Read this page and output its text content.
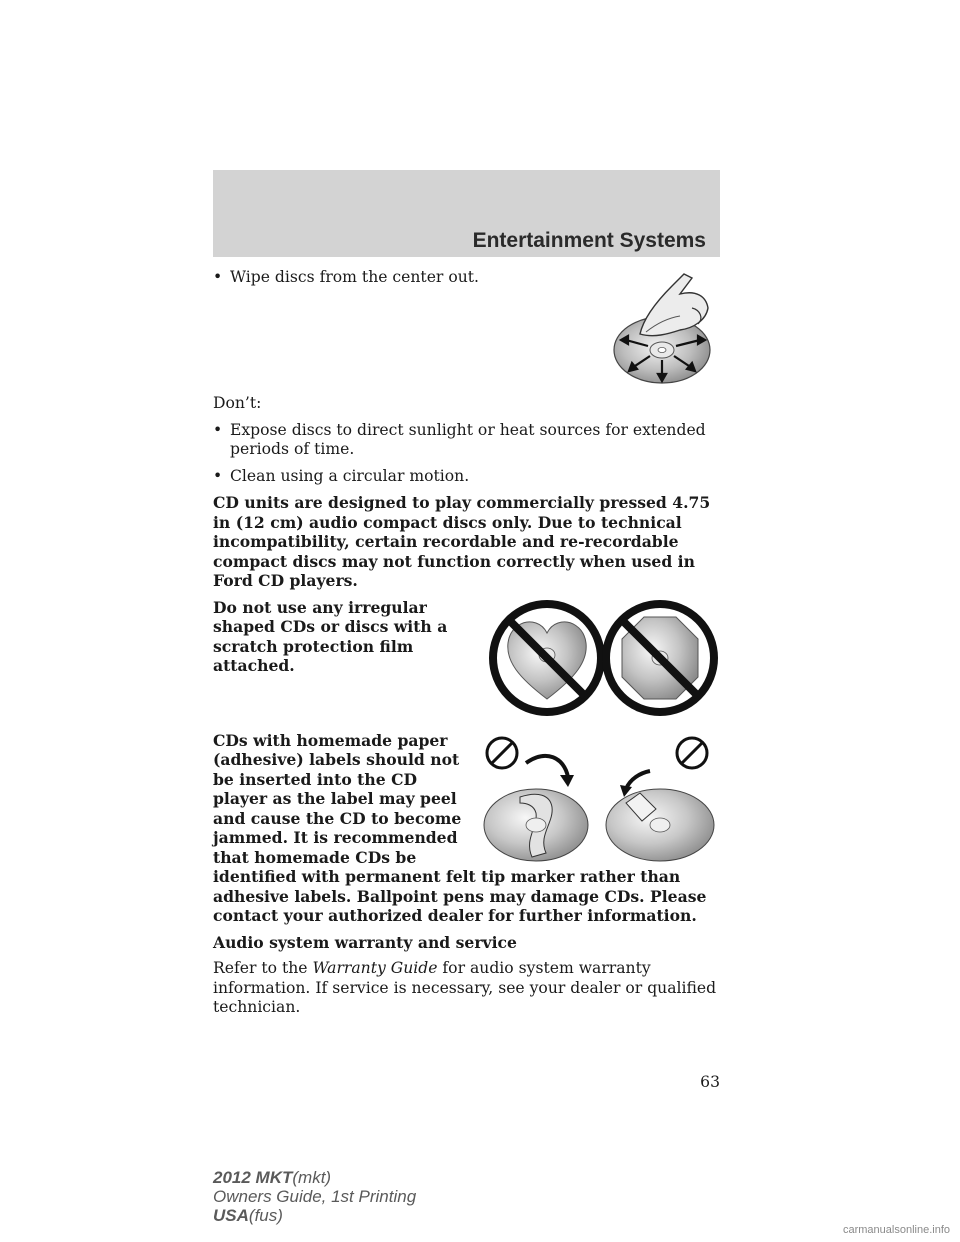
Entertainment Systems
• Wipe discs from the center out.

Don’t:

• Expose discs to direct sunlight or heat sources for extended periods of time.
• Clean using a circular motion.

CD units are designed to play commercially pressed 4.75 in (12 cm) audio compact discs only. Due to technical incompatibility, certain recordable and re-recordable compact discs may not function correctly when used in Ford CD players.

Do not use any irregular shaped CDs or discs with a scratch protection film attached.

CDs with homemade paper (adhesive) labels should not be inserted into the CD player as the label may peel and cause the CD to become jammed. It is recommended that homemade CDs be identified with permanent felt tip marker rather than adhesive labels. Ballpoint pens may damage CDs. Please contact your authorized dealer for further information.

Audio system warranty and service

Refer to the Warranty Guide for audio system warranty information. If service is necessary, see your dealer or qualified technician.

63
2012 MKT(mkt)
Owners Guide, 1st Printing
USA(fus)
carmanualsonline.info
